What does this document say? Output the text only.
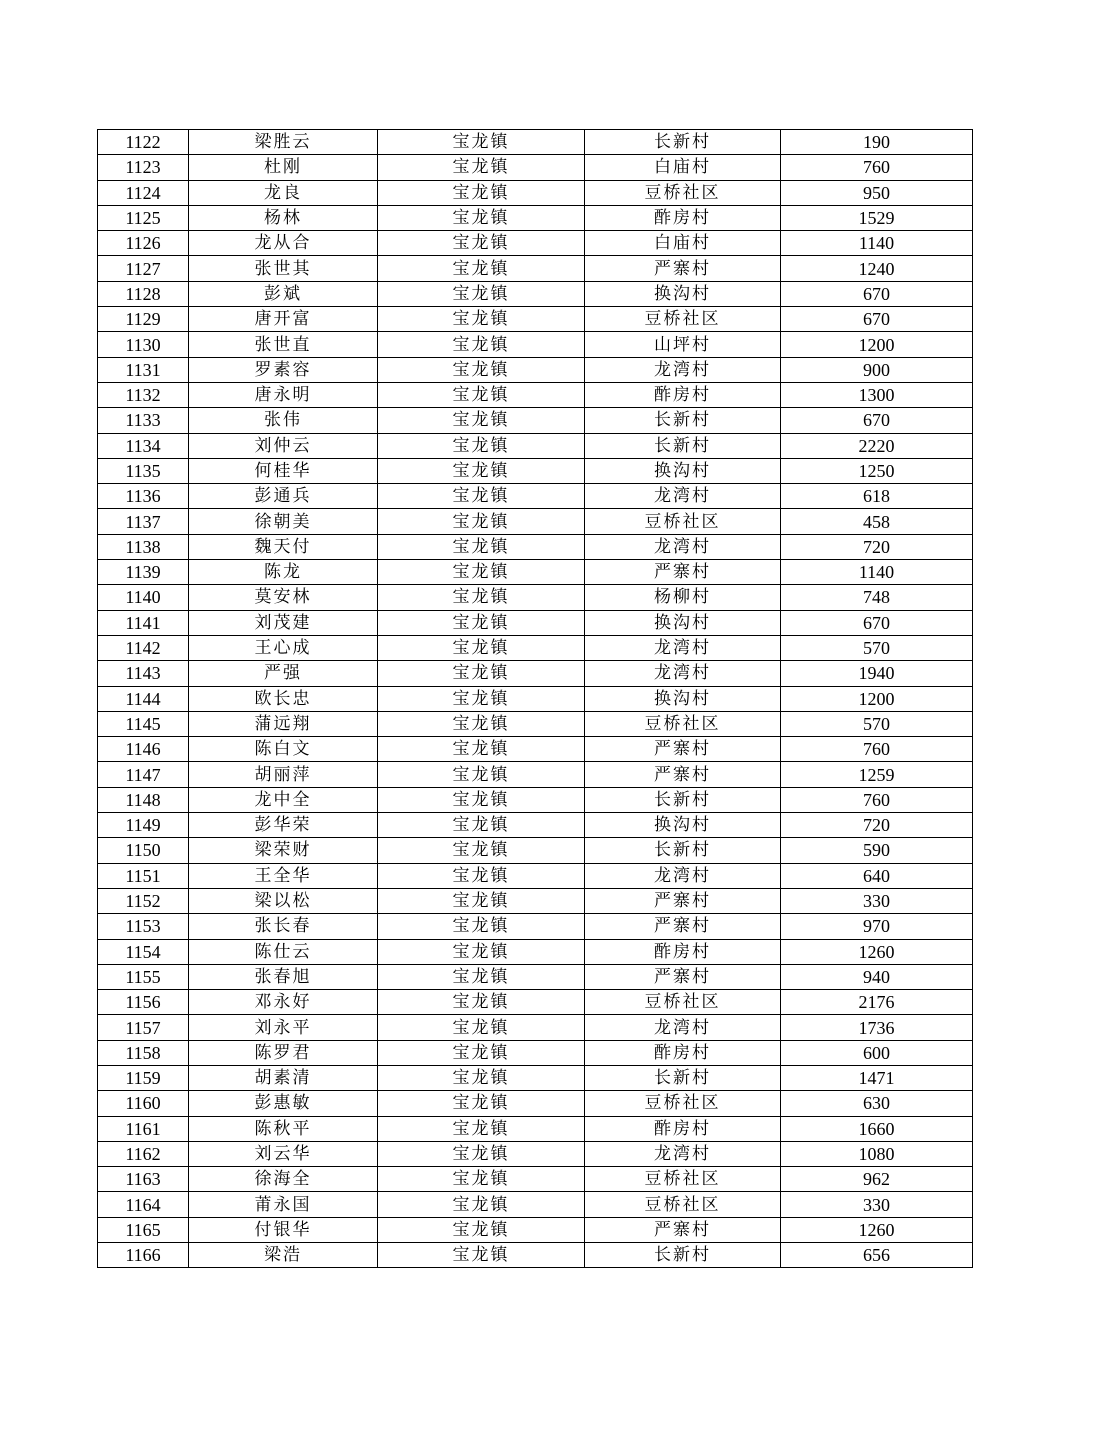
1122	梁胜云	宝龙镇	长新村	190
1123	杜刚	宝龙镇	白庙村	760
1124	龙良	宝龙镇	豆桥社区	950
1125	杨林	宝龙镇	酢房村	1529
1126	龙从合	宝龙镇	白庙村	1140
1127	张世其	宝龙镇	严寨村	1240
1128	彭斌	宝龙镇	换沟村	670
1129	唐开富	宝龙镇	豆桥社区	670
1130	张世直	宝龙镇	山坪村	1200
1131	罗素容	宝龙镇	龙湾村	900
1132	唐永明	宝龙镇	酢房村	1300
1133	张伟	宝龙镇	长新村	670
1134	刘仲云	宝龙镇	长新村	2220
1135	何桂华	宝龙镇	换沟村	1250
1136	彭通兵	宝龙镇	龙湾村	618
1137	徐朝美	宝龙镇	豆桥社区	458
1138	魏天付	宝龙镇	龙湾村	720
1139	陈龙	宝龙镇	严寨村	1140
1140	莫安林	宝龙镇	杨柳村	748
1141	刘茂建	宝龙镇	换沟村	670
1142	王心成	宝龙镇	龙湾村	570
1143	严强	宝龙镇	龙湾村	1940
1144	欧长忠	宝龙镇	换沟村	1200
1145	蒲远翔	宝龙镇	豆桥社区	570
1146	陈白文	宝龙镇	严寨村	760
1147	胡丽萍	宝龙镇	严寨村	1259
1148	龙中全	宝龙镇	长新村	760
1149	彭华荣	宝龙镇	换沟村	720
1150	梁荣财	宝龙镇	长新村	590
1151	王全华	宝龙镇	龙湾村	640
1152	梁以松	宝龙镇	严寨村	330
1153	张长春	宝龙镇	严寨村	970
1154	陈仕云	宝龙镇	酢房村	1260
1155	张春旭	宝龙镇	严寨村	940
1156	邓永好	宝龙镇	豆桥社区	2176
1157	刘永平	宝龙镇	龙湾村	1736
1158	陈罗君	宝龙镇	酢房村	600
1159	胡素清	宝龙镇	长新村	1471
1160	彭惠敏	宝龙镇	豆桥社区	630
1161	陈秋平	宝龙镇	酢房村	1660
1162	刘云华	宝龙镇	龙湾村	1080
1163	徐海全	宝龙镇	豆桥社区	962
1164	莆永国	宝龙镇	豆桥社区	330
1165	付银华	宝龙镇	严寨村	1260
1166	梁浩	宝龙镇	长新村	656
